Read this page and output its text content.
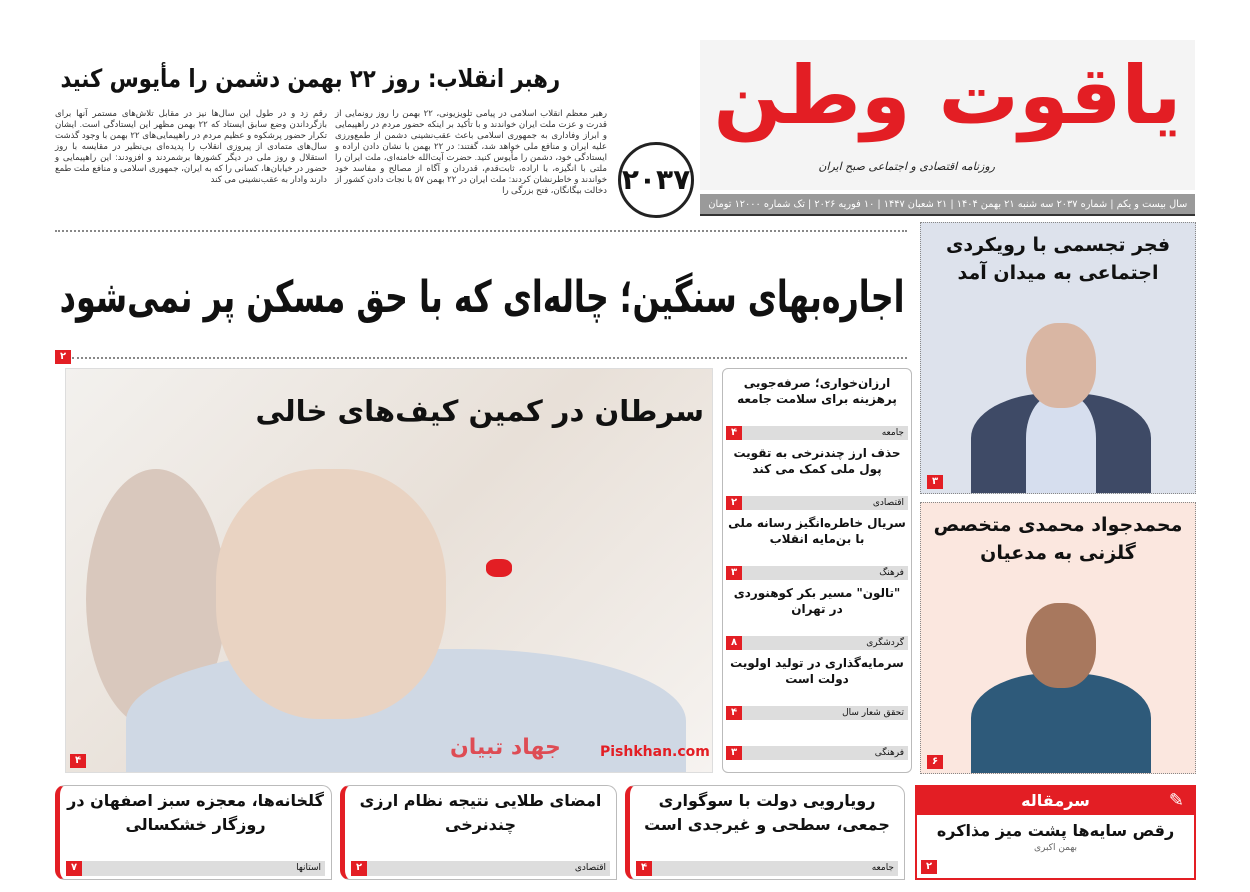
یاقوت وطن
روزنامه اقتصادی و اجتماعی صبح ایران
سال بیست و یکم | شماره ۲۰۳۷ سه شنبه ۲۱ بهمن ۱۴۰۴ | ۲۱ شعبان ۱۴۴۷ | ۱۰ فوریه ۲۰۲۶ | تک شماره ۱۲۰۰۰ تومان
۲۰۳۷
رهبر انقلاب: روز ۲۲ بهمن دشمن را مأیوس کنید
رهبر معظم انقلاب اسلامی در پیامی تلویزیونی، ۲۲ بهمن را روز رونمایی از قدرت و عزت ملت ایران خواندند و با تأکید بر اینکه حضور مردم در راهپیمایی و ابراز وفاداری به جمهوری اسلامی باعث عقب‌نشینی دشمن از طمع‌ورزی علیه ایران و منافع ملی خواهد شد، گفتند: در ۲۲ بهمن با نشان دادن اراده و ایستادگی خود، دشمن را مأیوس کنید. حضرت آیت‌الله خامنه‌ای، ملت ایران را ملتی با انگیزه، با اراده، ثابت‌قدم، قدردان و آگاه از مصالح و مفاسد خود خواندند و خاطرنشان کردند: ملت ایران در ۲۲ بهمن ۵۷ با نجات دادن کشور از دخالت بیگانگان، فتح بزرگی را
رقم زد و در طول این سال‌ها نیز در مقابل تلاش‌های مستمر آنها برای بازگرداندن وضع سابق ایستاد که ۲۲ بهمن مظهر این ایستادگی است. ایشان تکرار حضور پرشکوه و عظیم مردم در راهپیمایی‌های ۲۲ بهمن با وجود گذشت سال‌های متمادی از پیروزی انقلاب را پدیده‌ای بی‌نظیر در مقایسه با روز استقلال و روز ملی در دیگر کشورها برشمردند و افزودند: این راهپیمایی و حضور در خیابان‌ها، کسانی را که به ایران، جمهوری اسلامی و منافع ملت طمع دارند وادار به عقب‌نشینی می کند
اجاره‌بهای سنگین؛ چاله‌ای که با حق مسکن پر نمی‌شود
۲
سرطان در کمین کیف‌های خالی
۴
جهاد تبیان	Pishkhan.com
ارزان‌خواری؛ صرفه‌جویی پرهزینه برای سلامت جامعه
جامعه
۴
حذف ارز چندنرخی به تقویت پول ملی کمک می کند
اقتصادی
۲
سریال خاطره‌انگیز رسانه ملی با بن‌مایه انقلاب
فرهنگ
۳
"تالون" مسیر بکر کوهنوردی در تهران
گردشگری
۸
سرمایه‌گذاری در تولید اولویت دولت است
تحقق شعار سال
۴
فرهنگی
۳
فجر تجسمی با رویکردی اجتماعی به میدان آمد
۳
محمدجواد محمدی متخصص گلزنی به مدعیان
۶
رویارویی دولت با سوگواری جمعی، سطحی و غیرجدی است
جامعه
۴
امضای طلایی نتیجه نظام ارزی چندنرخی
اقتصادی
۲
گلخانه‌ها، معجزه سبز اصفهان در روزگار خشکسالی
استانها
۷
✎
سرمقاله
رقص سایه‌ها پشت میز مذاکره
بهمن اکبری
۲
